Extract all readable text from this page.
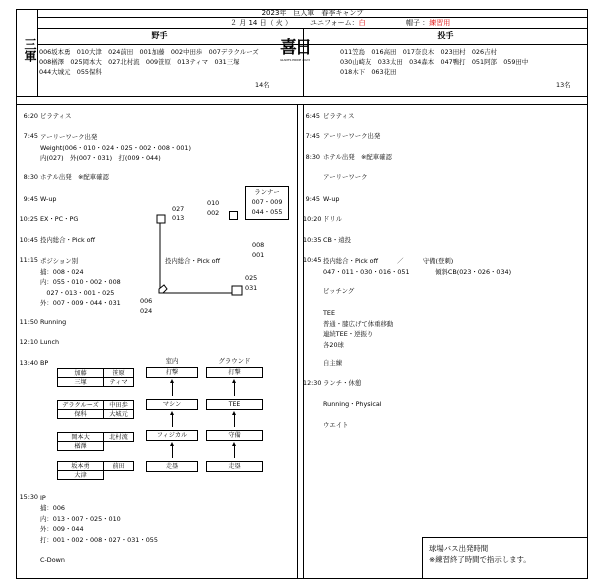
2023年　巨人軍　春季キャンプ
２ 月 14 日（ 火 ）	ユニフォーム：白	帽子 ：練習用
三軍
野手
006坂本勇　010大津　024前田　001加藤　002中田歩　007デラクルーズ
008楢澤　025岡本大　027北村流　009笹原　013ティマ　031三塚
044大城元　055保科
14名
喜日
GIANTS PRIDE 2023
投手
011笠島　016高田　017奈良木　023田村　026吉村
030山崎友　033太田　034森本　047鴨打　051阿部　059田中
018木下　063花田
13名
6:20 ピラティス
7:45 アーリーワーク出発
Weight(006・010・024・025・002・008・001)
内(027)　外(007・031)　打(009・044)
8:30 ホテル出発　※配車確認
9:45 W-up
10:25 EX・PC・PG
10:45 投内総合・Pick off
11:15 ポジション別
捕：008・024
内：055・010・002・008
　027・013・001・025
外：007・009・044・031
11:50 Running
12:10 Lunch
13:40 BP
15:30 IP
捕：006
内：013・007・025・010
外：009・044
打：001・002・008・027・031・055

C-Down
027
013
010
002
008
001
025
031
006
024
投内総合・Pick off
ランナー
007・009
044・055
加藤	笹原
三塚	ティマ
デラクルーズ	中田歩
保科	大城元
岡本大	北村流
楢澤
坂本勇	前田
大津
室内	グラウンド
打撃
マシン
フィジカル
走塁
打撃
TEE
守備
走塁
6:45 ピラティス
7:45 アーリーワーク出発
8:30 ホテル出発　※配車確認
アーリーワーク
9:45 W-up
10:20 ドリル
10:35 CB・遠投
10:45 投内総合・Pick off　　　／　　　守備(登刺)
047・011・030・016・051　　　　傾斜CB(023・026・034)
ピッチング
TEE
普通・膝広げて体重移動
連続TEE・逆振り
各20球
自主練
12:30 ランチ・休憩
Running・Physical
ウエイト
球場バス出発時間
※練習終了時間で指示します。
